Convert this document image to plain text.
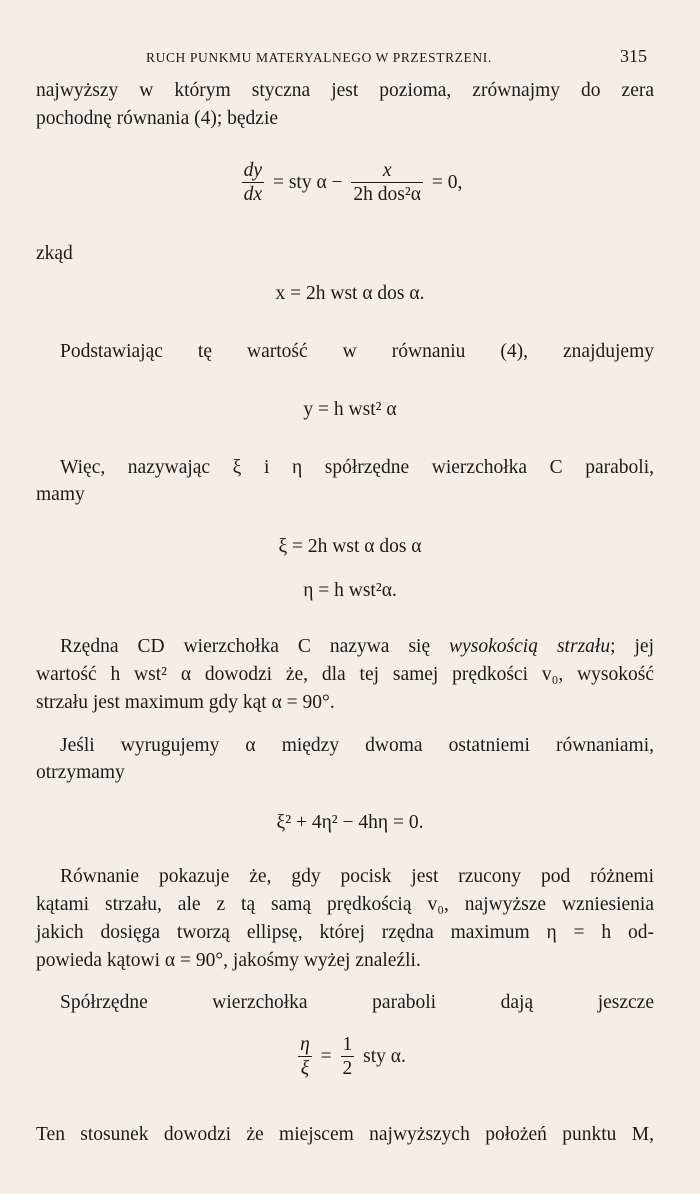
RUCH PUNKMU MATERYALNEGO W PRZESTRZENI.	315
najwyższy w którym styczna jest pozioma, zrównajmy do zera
pochodnę równania (4); będzie
$\frac{dy}{dx}$ = sty $\alpha - \frac{x}{\text{2h dos²α}} = 0$,
zkąd
x = 2h wst α dos α.
Podstawiając tę wartość w równaniu (4), znajdujemy
y = h wst² α
Więc, nazywając ξ i η spółrzędne wierzchołka C paraboli,
mamy
ξ = 2h wst α dos α
η = h wst²α.
Rzędna CD wierzchołka C nazywa się wysokością strzału; jej
wartość h wst² α dowodzi że, dla tej samej prędkości v₀, wysokość
strzału jest maximum gdy kąt α = 90°.
Jeśli wyrugujemy α między dwoma ostatniemi równaniami,
otrzymamy
ξ² + 4η² − 4hη = 0.
Równanie pokazuje że, gdy pocisk jest rzucony pod różnemi
kątami strzału, ale z tą samą prędkością v₀, najwyższe wzniesienia
jakich dosięga tworzą ellipsę, której rzędna maximum η = h od-
powieda kątowi α = 90°, jakośmy wyżej znaleźli.
Spółrzędne wierzchołka paraboli dają jeszcze
$\frac{\eta}{\xi} = \frac{1}{2}$ sty α.
Ten stosunek dowodzi że miejscem najwyższych położeń punktu M,
